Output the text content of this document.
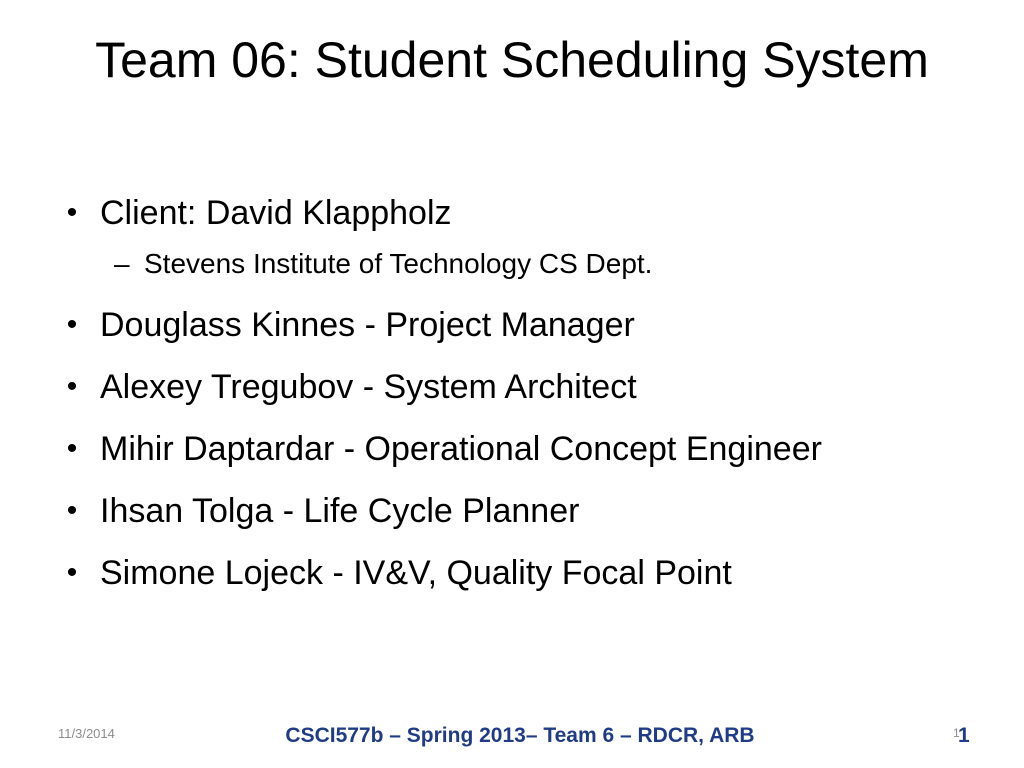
Team 06: Student Scheduling System
• Client: David Klappholz
– Stevens Institute of Technology CS Dept.
• Douglass Kinnes - Project Manager
• Alexey Tregubov - System Architect
• Mihir Daptardar - Operational Concept Engineer
• Ihsan Tolga - Life Cycle Planner
• Simone Lojeck - IV&V, Quality Focal Point
11/3/2014	CSCI577b – Spring 2013– Team 6 – RDCR, ARB	1
1
